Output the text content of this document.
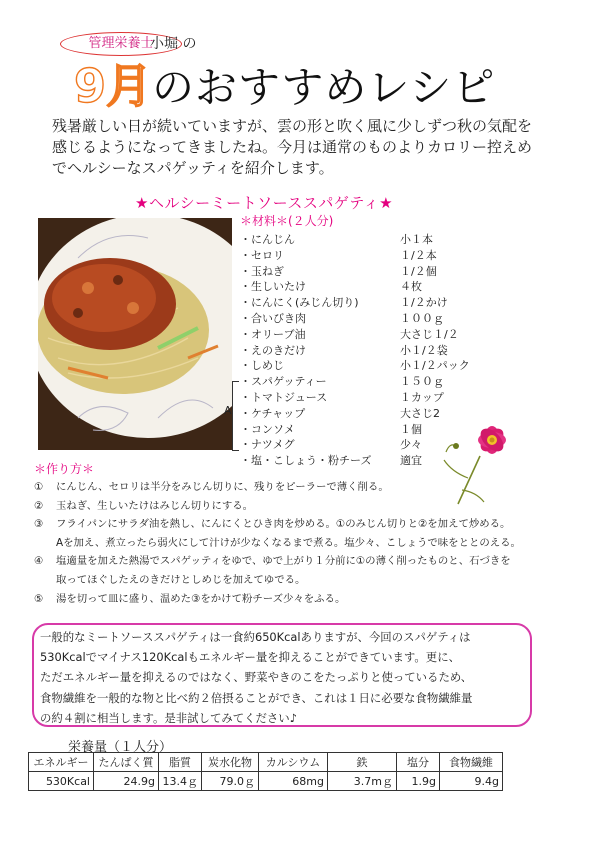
管理栄養士
小堀 の
9月のおすすめレシピ
残暑厳しい日が続いていますが、雲の形と吹く風に少しずつ秋の気配を
感じるようになってきましたね。今月は通常のものよりカロリー控えめ
でヘルシーなスパゲッティを紹介します。
★ヘルシーミートソーススパゲティ★
＊材料＊(２人分)
・にんじん	小１本
・セロリ	１/２本
・玉ねぎ	１/２個
・生しいたけ	４枚
・にんにく(みじん切り)	１/２かけ
・合いびき肉	１００ｇ
・オリーブ油	大さじ１/２
・えのきだけ	小１/２袋
・しめじ	小１/２パック
・スパゲッティー	１５０ｇ
・トマトジュース	１カップ
・ケチャップ	大さじ2
・コンソメ	１個
・ナツメグ	少々
・塩・こしょう・粉チーズ	適宜
A
＊作り方＊
① にんじん、セロリは半分をみじん切りに、残りをピーラーで薄く削る。
② 玉ねぎ、生しいたけはみじん切りにする。
③ フライパンにサラダ油を熱し、にんにくとひき肉を炒める。①のみじん切りと②を加えて炒める。
Aを加え、煮立ったら弱火にして汁けが少なくなるまで煮る。塩少々、こしょうで味をととのえる。
④ 塩適量を加えた熱湯でスパゲッティをゆで、ゆで上がり１分前に①の薄く削ったものと、石づきを
取ってほぐしたえのきだけとしめじを加えてゆでる。
⑤ 湯を切って皿に盛り、温めた③をかけて粉チーズ少々をふる。
一般的なミートソーススパゲティは一食約650Kcalありますが、今回のスパゲティは
530Kcalでマイナス120Kcalもエネルギー量を抑えることができています。更に、
ただエネルギー量を抑えるのではなく、野菜やきのこをたっぷりと使っているため、
食物繊維を一般的な物と比べ約２倍摂ることができ、これは１日に必要な食物繊維量
の約４割に相当します。是非試してみてください♪
栄養量（１人分）
エネルギー	たんぱく質	脂質	炭水化物	カルシウム	鉄	塩分	食物繊維
530Kcal	24.9g	13.4ｇ	79.0ｇ	68mg	3.7mｇ	1.9g	9.4g
